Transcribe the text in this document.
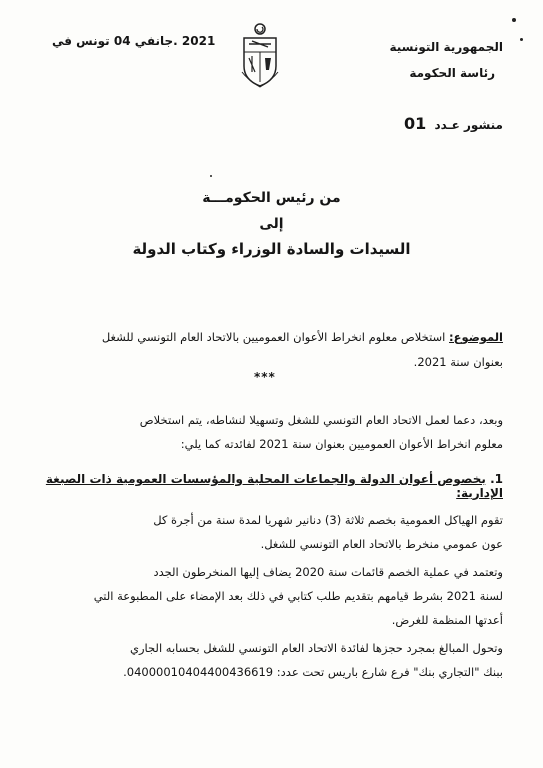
الجمهورية التونسية
رئاسة الحكومة
2021 .جانفي 04 تونس في
منشور عـدد 01
من رئيس الحكومـــة
إلى
السيدات والسادة الوزراء وكتاب الدولة
الموضوع: استخلاص معلوم انخراط الأعوان العموميين بالاتحاد العام التونسي للشغل
بعنوان سنة 2021.
***
وبعد، دعما لعمل الاتحاد العام التونسي للشغل وتسهيلا لنشاطه، يتم استخلاص
معلوم انخراط الأعوان العموميين بعنوان سنة 2021 لفائدته كما يلي:
1. بخصوص أعوان الدولة والجماعات المحلية والمؤسسات العمومية ذات الصبغة الإدارية:
تقوم الهياكل العمومية بخصم ثلاثة (3) دنانير شهريا لمدة سنة من أجرة كل
عون عمومي منخرط بالاتحاد العام التونسي للشغل.
وتعتمد في عملية الخصم قائمات سنة 2020 يضاف إليها المنخرطون الجدد
لسنة 2021 بشرط قيامهم بتقديم طلب كتابي في ذلك بعد الإمضاء على المطبوعة التي
أعدتها المنظمة للغرض.
وتحول المبالغ بمجرد حجزها لفائدة الاتحاد العام التونسي للشغل بحسابه الجاري
ببنك "التجاري بنك" فرع شارع باريس تحت عدد: 04000010404400436619.
